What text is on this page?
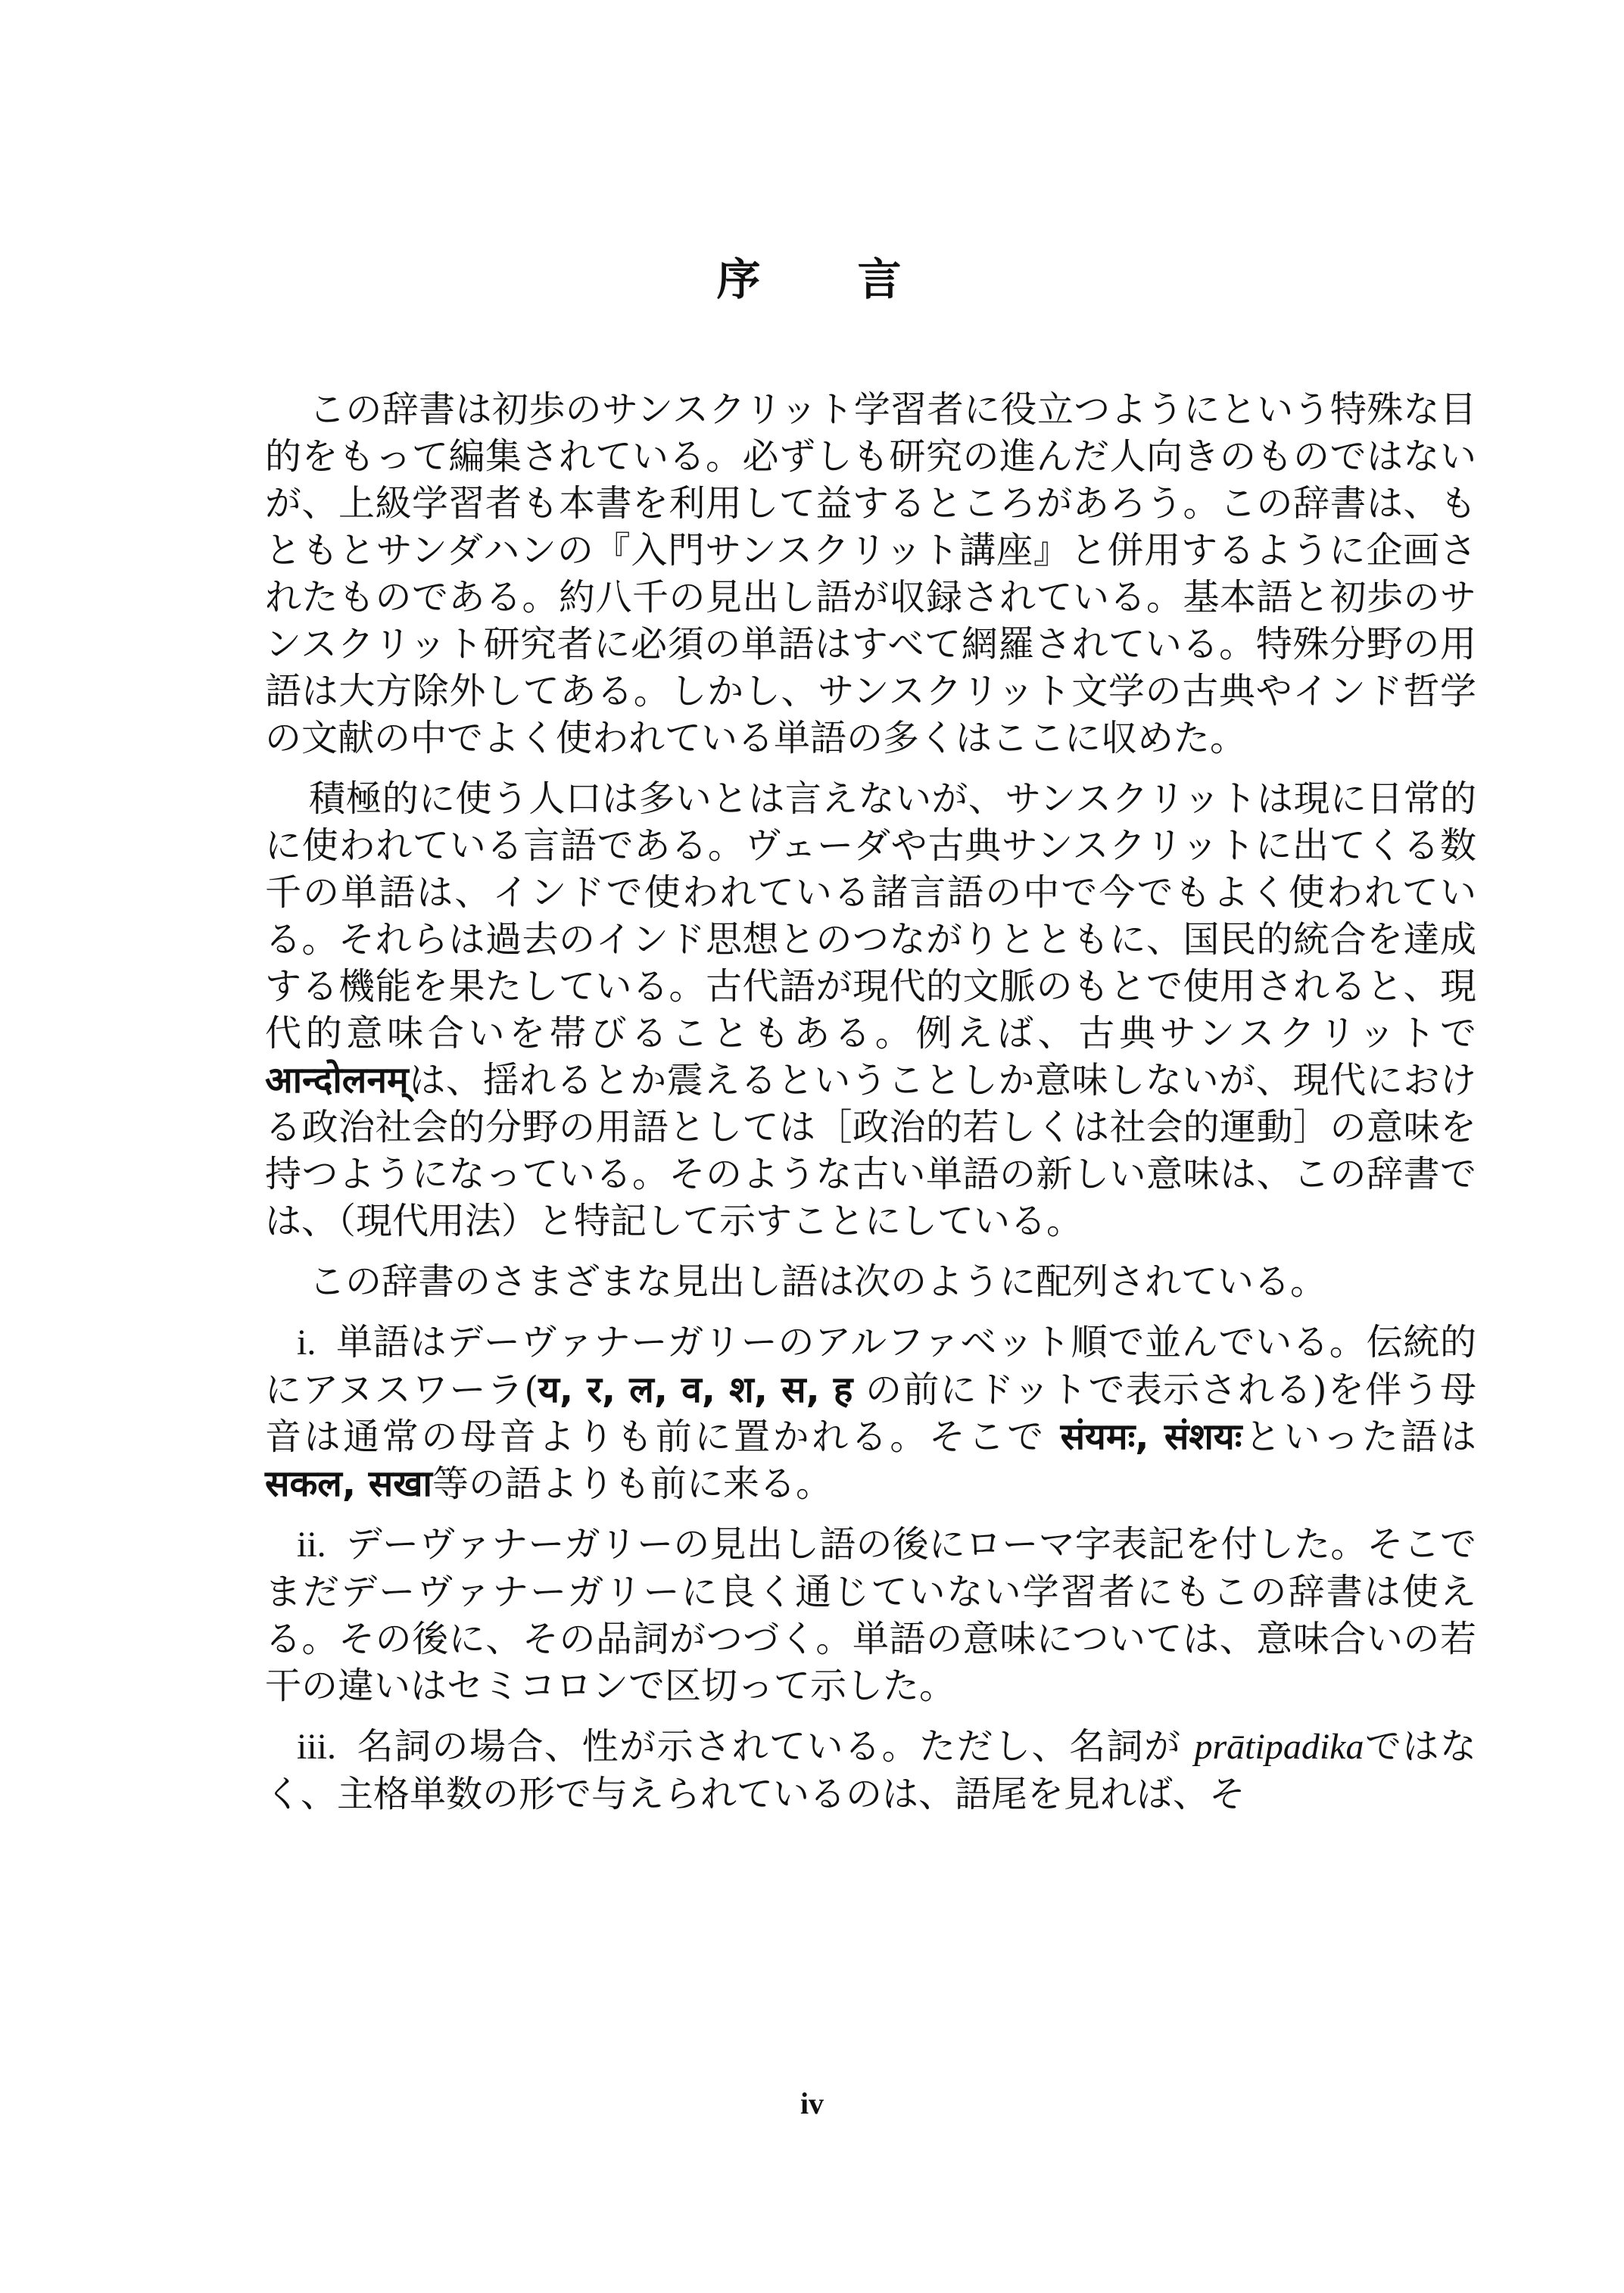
序 言

この辞書は初歩のサンスクリット学習者に役立つようにという特殊な目的をもって編集されている。必ずしも研究の進んだ人向きのものではないが、上級学習者も本書を利用して益するところがあろう。この辞書は、もともとサンダハンの『入門サンスクリット講座』と併用するように企画されたものである。約八千の見出し語が収録されている。基本語と初歩のサンスクリット研究者に必須の単語はすべて網羅されている。特殊分野の用語は大方除外してある。しかし、サンスクリット文学の古典やインド哲学の文献の中でよく使われている単語の多くはここに収めた。

積極的に使う人口は多いとは言えないが、サンスクリットは現に日常的に使われている言語である。ヴェーダや古典サンスクリットに出てくる数千の単語は、インドで使われている諸言語の中で今でもよく使われている。それらは過去のインド思想とのつながりとともに、国民的統合を達成する機能を果たしている。古代語が現代的文脈のもとで使用されると、現代的意味合いを帯びることもある。例えば、古典サンスクリットでआन्दोलनम्は、揺れるとか震えるということしか意味しないが、現代における政治社会的分野の用語としては［政治的若しくは社会的運動］の意味を持つようになっている。そのような古い単語の新しい意味は、この辞書では、（現代用法）と特記して示すことにしている。

この辞書のさまざまな見出し語は次のように配列されている。

i. 単語はデーヴァナーガリーのアルファベット順で並んでいる。伝統的にアヌスワーラ(य, र, ल, व, श, स, ह の前にドットで表示される)を伴う母音は通常の母音よりも前に置かれる。そこで संयमः, संशयःといった語は सकल, सखा等の語よりも前に来る。

ii. デーヴァナーガリーの見出し語の後にローマ字表記を付した。そこでまだデーヴァナーガリーに良く通じていない学習者にもこの辞書は使える。その後に、その品詞がつづく。単語の意味については、意味合いの若干の違いはセミコロンで区切って示した。

iii. 名詞の場合、性が示されている。ただし、名詞が prātipadikaではなく、主格単数の形で与えられているのは、語尾を見れば、そ

iv
